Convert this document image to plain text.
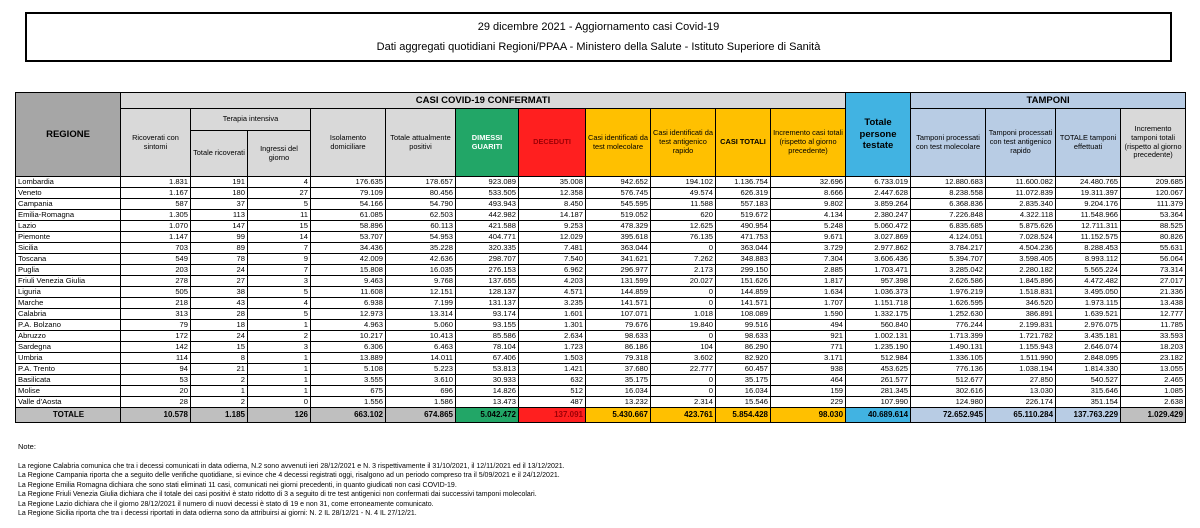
29 dicembre 2021 - Aggiornamento casi Covid-19
Dati aggregati quotidiani Regioni/PPAA - Ministero della Salute - Istituto Superiore di Sanità
REGIONE	CASI COVID-19 CONFERMATI											Totale persone testate	TAMPONI			
	Ricoverati con sintomi	Terapia intensiva		Isolamento domiciliare	Totale attualmente positivi	DIMESSI GUARITI	DECEDUTI	Casi identificati da test molecolare	Casi identificati da test antigenico rapido	CASI TOTALI	Incremento casi totali (rispetto al giorno precedente)		Tamponi processati con test molecolare	Tamponi processati con test antigenico rapido	TOTALE tamponi effettuati	Incremento tamponi totali (rispetto al giorno precedente)
		Totale ricoverati	Ingressi del giorno													
Lombardia	1.831	191	4	176.635	178.657	923.089	35.008	942.652	194.102	1.136.754	32.696	6.733.019	12.880.683	11.600.082	24.480.765	209.685
Veneto	1.167	180	27	79.109	80.456	533.505	12.358	576.745	49.574	626.319	8.666	2.447.628	8.238.558	11.072.839	19.311.397	120.067
Campania	587	37	5	54.166	54.790	493.943	8.450	545.595	11.588	557.183	9.802	3.859.264	6.368.836	2.835.340	9.204.176	111.379
Emilia-Romagna	1.305	113	11	61.085	62.503	442.982	14.187	519.052	620	519.672	4.134	2.380.247	7.226.848	4.322.118	11.548.966	53.364
Lazio	1.070	147	15	58.896	60.113	421.588	9.253	478.329	12.625	490.954	5.248	5.060.472	6.835.685	5.875.626	12.711.311	88.525
Piemonte	1.147	99	14	53.707	54.953	404.771	12.029	395.618	76.135	471.753	9.671	3.027.869	4.124.051	7.028.524	11.152.575	80.826
Sicilia	703	89	7	34.436	35.228	320.335	7.481	363.044	0	363.044	3.729	2.977.862	3.784.217	4.504.236	8.288.453	55.631
Toscana	549	78	9	42.009	42.636	298.707	7.540	341.621	7.262	348.883	7.304	3.606.436	5.394.707	3.598.405	8.993.112	56.064
Puglia	203	24	7	15.808	16.035	276.153	6.962	296.977	2.173	299.150	2.885	1.703.471	3.285.042	2.280.182	5.565.224	73.314
Friuli Venezia Giulia	278	27	3	9.463	9.768	137.655	4.203	131.599	20.027	151.626	1.817	957.398	2.626.586	1.845.896	4.472.482	27.017
Liguria	505	38	5	11.608	12.151	128.137	4.571	144.859	0	144.859	1.634	1.036.373	1.976.219	1.518.831	3.495.050	21.336
Marche	218	43	4	6.938	7.199	131.137	3.235	141.571	0	141.571	1.707	1.151.718	1.626.595	346.520	1.973.115	13.438
Calabria	313	28	5	12.973	13.314	93.174	1.601	107.071	1.018	108.089	1.590	1.332.175	1.252.630	386.891	1.639.521	12.777
P.A. Bolzano	79	18	1	4.963	5.060	93.155	1.301	79.676	19.840	99.516	494	560.840	776.244	2.199.831	2.976.075	11.785
Abruzzo	172	24	2	10.217	10.413	85.586	2.634	98.633	0	98.633	921	1.002.131	1.713.399	1.721.782	3.435.181	33.593
Sardegna	142	15	3	6.306	6.463	78.104	1.723	86.186	104	86.290	771	1.235.190	1.490.131	1.155.943	2.646.074	18.203
Umbria	114	8	1	13.889	14.011	67.406	1.503	79.318	3.602	82.920	3.171	512.984	1.336.105	1.511.990	2.848.095	23.182
P.A. Trento	94	21	1	5.108	5.223	53.813	1.421	37.680	22.777	60.457	938	453.625	776.136	1.038.194	1.814.330	13.055
Basilicata	53	2	1	3.555	3.610	30.933	632	35.175	0	35.175	464	261.577	512.677	27.850	540.527	2.465
Molise	20	1	1	675	696	14.826	512	16.034	0	16.034	159	281.345	302.616	13.030	315.646	1.085
Valle d'Aosta	28	2	0	1.556	1.586	13.473	487	13.232	2.314	15.546	229	107.990	124.980	226.174	351.154	2.638
TOTALE	10.578	1.185	126	663.102	674.865	5.042.472	137.091	5.430.667	423.761	5.854.428	98.030	40.689.614	72.652.945	65.110.284	137.763.229	1.029.429
Note:
La regione Calabria comunica che tra i decessi comunicati in data odierna, N.2 sono avvenuti ieri 28/12/2021 e N. 3 rispettivamente il 31/10/2021, il 12/11/2021 ed il 13/12/2021.
La Regione Campania riporta che a seguito delle verifiche quotidiane, si evince che 4 decessi registrati oggi, risalgono ad un periodo compreso tra il 5/09/2021 e il 24/12/2021.
La Regione Emilia Romagna dichiara che sono stati eliminati 11 casi, comunicati nei giorni precedenti, in quanto giudicati non casi COVID-19.
La Regione Friuli Venezia Giulia dichiara che il totale dei casi positivi è stato ridotto di 3 a seguito di tre test antigenici non confermati dai successivi tamponi molecolari.
La Regione Lazio dichiara che il giorno 28/12/2021 il numero di nuovi decessi è stato di 19 e non 31, come erroneamente comunicato.
La Regione Sicilia riporta che tra i decessi riportati in data odierna sono da attribuirsi ai giorni: N. 2 IL 28/12/21 - N. 4 IL 27/12/21.
